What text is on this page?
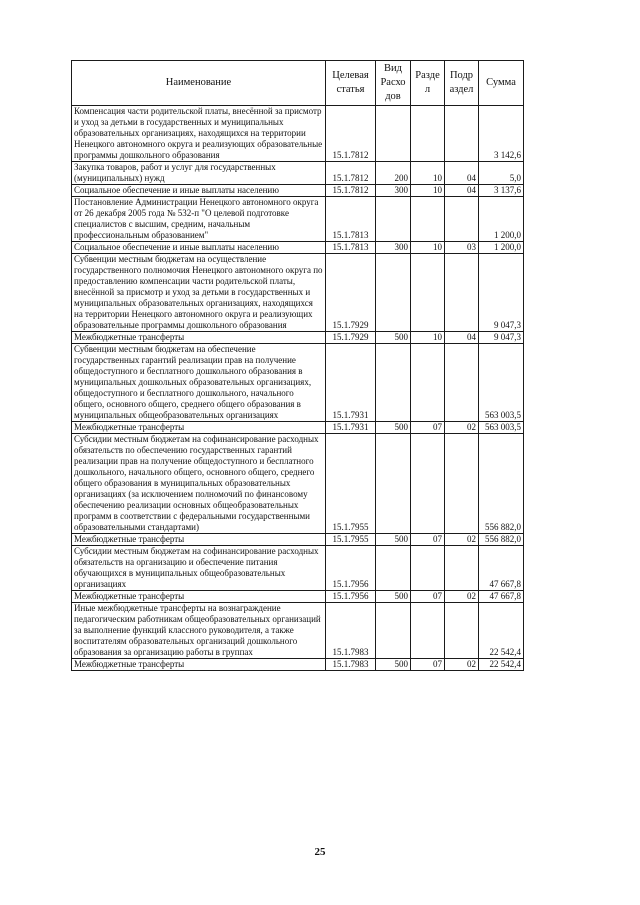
Наименование	Целевая статья	Вид Расхо дов	Разде л	Подр аздел	Сумма
Компенсация части родительской платы, внесённой за присмотр и уход за детьми в государственных и муниципальных образовательных организациях, находящихся на территории Ненецкого автономного округа и реализующих образовательные программы дошкольного образования	15.1.7812				3 142,6
Закупка товаров, работ и услуг для государственных (муниципальных) нужд	15.1.7812	200	10	04	5,0
Социальное обеспечение и иные выплаты населению	15.1.7812	300	10	04	3 137,6
Постановление Администрации Ненецкого автономного округа от 26 декабря 2005 года № 532-п "О целевой подготовке специалистов с высшим, средним, начальным профессиональным образованием"	15.1.7813				1 200,0
Социальное обеспечение и иные выплаты населению	15.1.7813	300	10	03	1 200,0
Субвенции местным бюджетам на осуществление государственного полномочия Ненецкого автономного округа по предоставлению компенсации части родительской платы, внесённой за присмотр и уход за детьми в государственных и муниципальных образовательных организациях, находящихся на территории Ненецкого автономного округа и реализующих образовательные программы дошкольного образования	15.1.7929				9 047,3
Межбюджетные трансферты	15.1.7929	500	10	04	9 047,3
Субвенции местным бюджетам на обеспечение государственных гарантий реализации прав на получение общедоступного и бесплатного дошкольного образования в муниципальных дошкольных образовательных организациях, общедоступного и бесплатного дошкольного, начального общего, основного общего, среднего общего образования в муниципальных общеобразовательных организациях	15.1.7931				563 003,5
Межбюджетные трансферты	15.1.7931	500	07	02	563 003,5
Субсидии местным бюджетам на софинансирование расходных обязательств по обеспечению государственных гарантий реализации прав на получение общедоступного и бесплатного дошкольного, начального общего, основного общего, среднего общего образования в муниципальных образовательных организациях (за исключением полномочий по финансовому обеспечению реализации основных общеобразовательных программ в соответствии с федеральными государственными образовательными стандартами)	15.1.7955				556 882,0
Межбюджетные трансферты	15.1.7955	500	07	02	556 882,0
Субсидии местным бюджетам на софинансирование расходных обязательств на организацию и обеспечение питания обучающихся в муниципальных общеобразовательных организациях	15.1.7956				47 667,8
Межбюджетные трансферты	15.1.7956	500	07	02	47 667,8
Иные межбюджетные трансферты на вознаграждение педагогическим работникам общеобразовательных организаций за выполнение функций классного руководителя, а также воспитателям образовательных организаций дошкольного образования за организацию работы в группах	15.1.7983				22 542,4
Межбюджетные трансферты	15.1.7983	500	07	02	22 542,4
25
